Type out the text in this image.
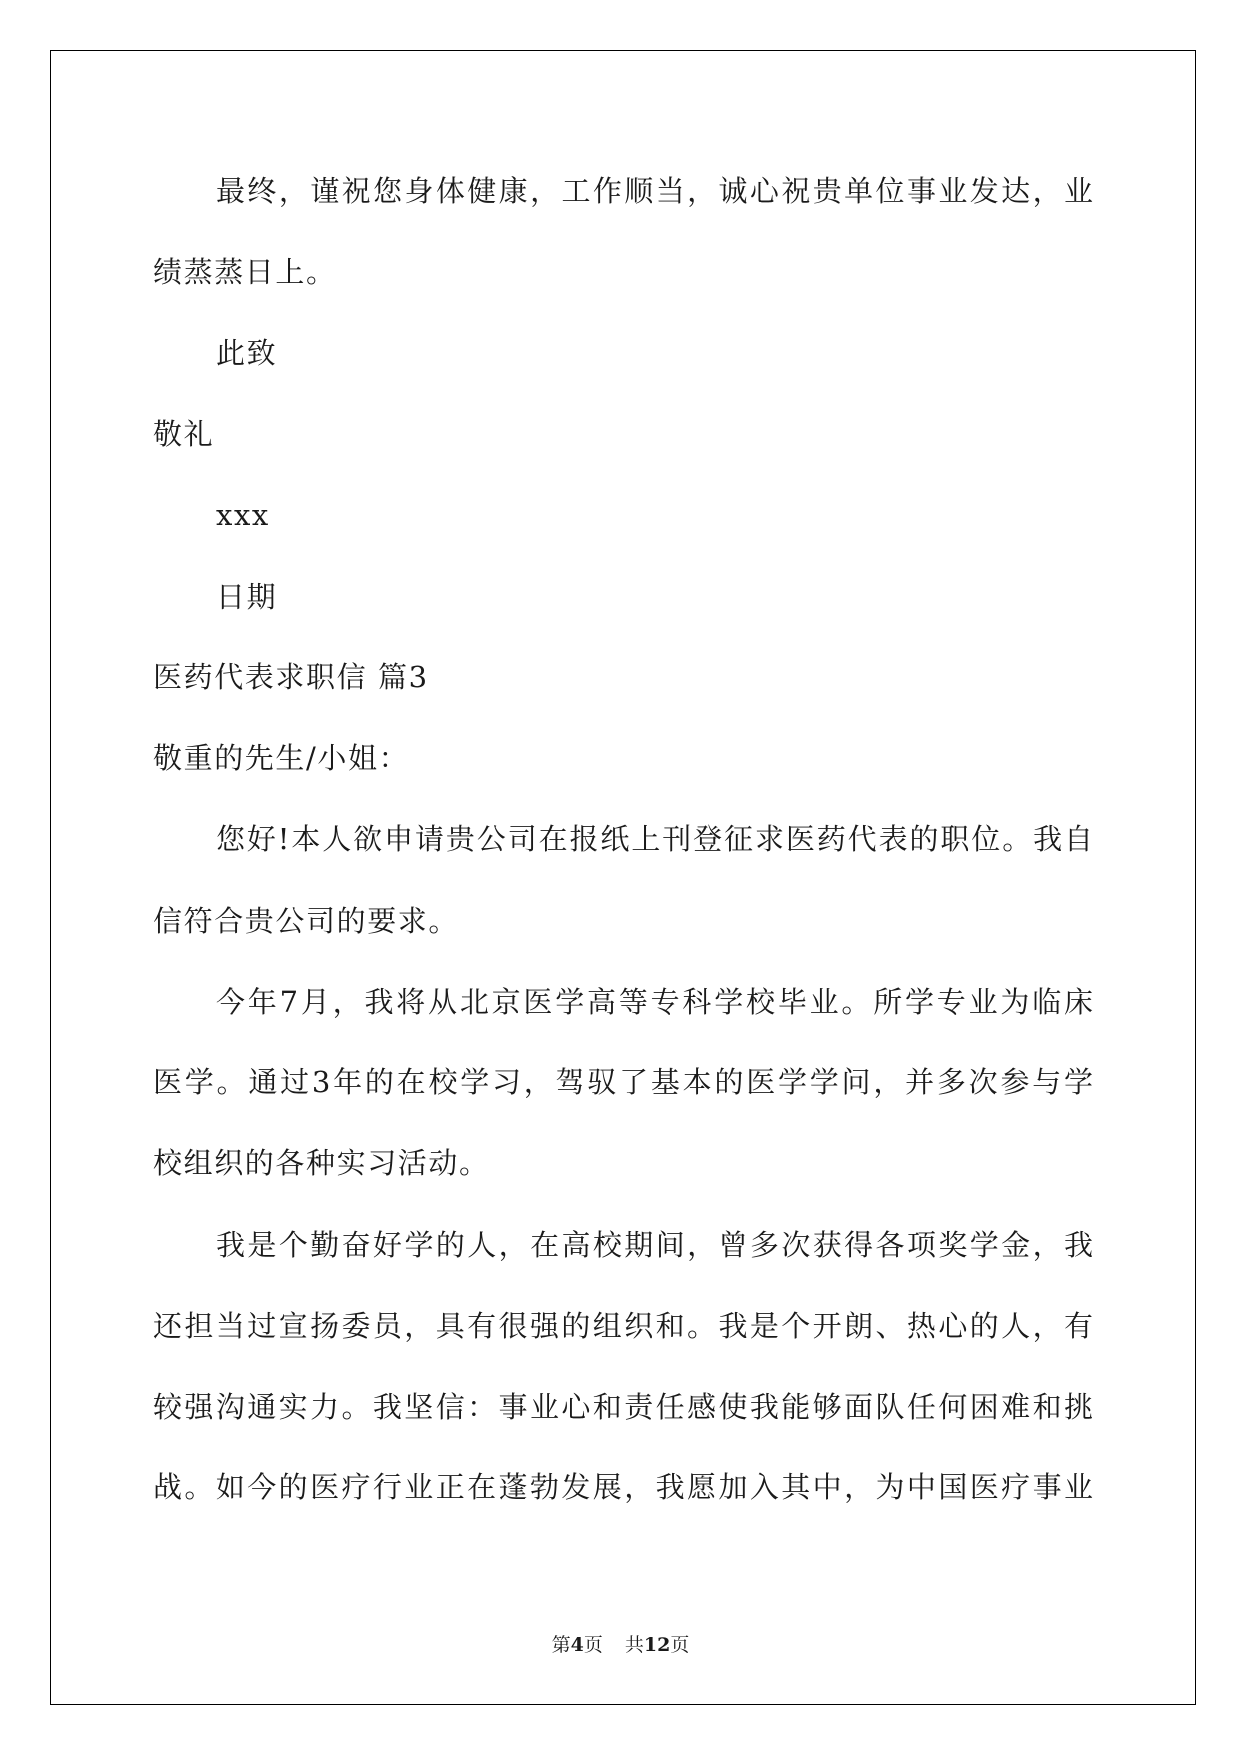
最终，谨祝您身体健康，工作顺当，诚心祝贵单位事业发达，业
绩蒸蒸日上。
此致
敬礼
xxx
日期
医药代表求职信 篇3
敬重的先生/小姐：
您好!本人欲申请贵公司在报纸上刊登征求医药代表的职位。我自
信符合贵公司的要求。
今年7月，我将从北京医学高等专科学校毕业。所学专业为临床
医学。通过3年的在校学习，驾驭了基本的医学学问，并多次参与学
校组织的各种实习活动。
我是个勤奋好学的人，在高校期间，曾多次获得各项奖学金，我
还担当过宣扬委员，具有很强的组织和。我是个开朗、热心的人，有
较强沟通实力。我坚信：事业心和责任感使我能够面队任何困难和挑
战。如今的医疗行业正在蓬勃发展，我愿加入其中，为中国医疗事业
第4页 共12页
